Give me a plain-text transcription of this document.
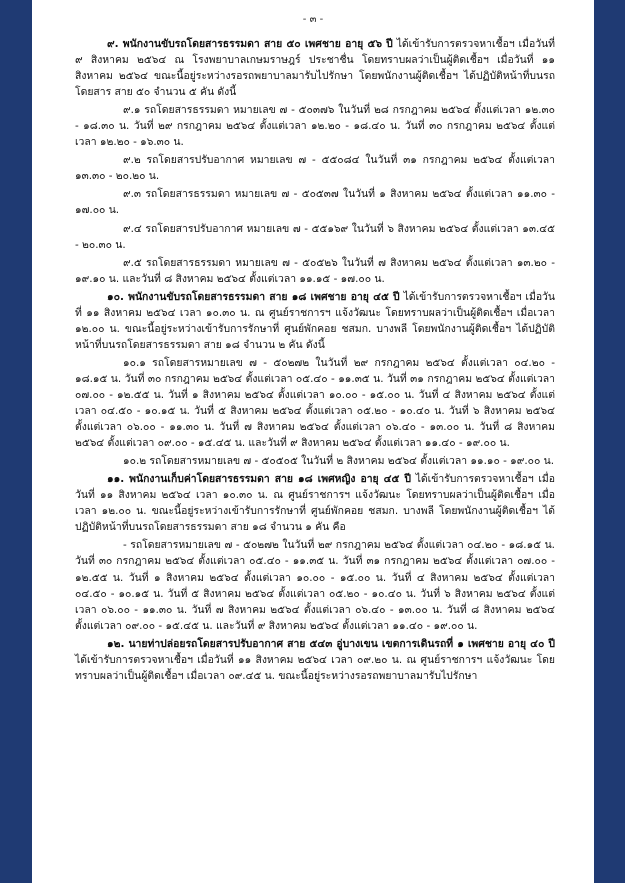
- ๓ -

๙. พนักงานขับรถโดยสารธรรมดา สาย ๕๐ เพศชาย อายุ ๕๖ ปี ได้เข้ารับการตรวจหาเชื้อฯ เมื่อวันที่ ๙ สิงหาคม ๒๕๖๔ ณ โรงพยาบาลเกษมราษฎร์ ประชาชื่น โดยทราบผลว่าเป็นผู้ติดเชื้อฯ เมื่อวันที่ ๑๑ สิงหาคม ๒๕๖๔ ขณะนี้อยู่ระหว่างรอรถพยาบาลมารับไปรักษา โดยพนักงานผู้ติดเชื้อฯ ได้ปฏิบัติหน้าที่บนรถโดยสาร สาย ๕๐ จำนวน ๕ คัน ดังนี้

๙.๑ รถโดยสารธรรมดา หมายเลข ๗ - ๕๐๓๗๖ ในวันที่ ๒๘ กรกฎาคม ๒๕๖๔ ตั้งแต่เวลา ๑๒.๓๐ - ๑๘.๓๐ น. วันที่ ๒๙ กรกฎาคม ๒๕๖๔ ตั้งแต่เวลา ๑๒.๒๐ - ๑๘.๔๐ น. วันที่ ๓๐ กรกฎาคม ๒๕๖๔ ตั้งแต่เวลา ๑๒.๒๐ - ๑๖.๓๐ น.

๙.๒ รถโดยสารปรับอากาศ หมายเลข ๗ - ๕๕๐๘๔ ในวันที่ ๓๑ กรกฎาคม ๒๕๖๔ ตั้งแต่เวลา ๑๓.๓๐ - ๒๐.๒๐ น.

๙.๓ รถโดยสารธรรมดา หมายเลข ๗ - ๕๐๕๓๗ ในวันที่ ๑ สิงหาคม ๒๕๖๔ ตั้งแต่เวลา ๑๑.๓๐ - ๑๗.๐๐ น.

๙.๔ รถโดยสารปรับอากาศ หมายเลข ๗ - ๕๕๑๖๙ ในวันที่ ๖ สิงหาคม ๒๕๖๔ ตั้งแต่เวลา ๑๓.๔๕ - ๒๐.๓๐ น.

๙.๕ รถโดยสารธรรมดา หมายเลข ๗ - ๕๐๕๒๖ ในวันที่ ๗ สิงหาคม ๒๕๖๔ ตั้งแต่เวลา ๑๓.๒๐ - ๑๙.๑๐ น. และวันที่ ๘ สิงหาคม ๒๕๖๔ ตั้งแต่เวลา ๑๑.๑๕ - ๑๗.๐๐ น.

๑๐. พนักงานขับรถโดยสารธรรมดา สาย ๑๘ เพศชาย อายุ ๔๕ ปี ได้เข้ารับการตรวจหาเชื้อฯ เมื่อวันที่ ๑๑ สิงหาคม ๒๕๖๔ เวลา ๑๐.๓๐ น. ณ ศูนย์ราชการฯ แจ้งวัฒนะ โดยทราบผลว่าเป็นผู้ติดเชื้อฯ เมื่อเวลา ๑๒.๐๐ น. ขณะนี้อยู่ระหว่างเข้ารับการรักษาที่ ศูนย์พักคอย ชสมก. บางพลี โดยพนักงานผู้ติดเชื้อฯ ได้ปฏิบัติหน้าที่บนรถโดยสารธรรมดา สาย ๑๘ จำนวน ๒ คัน ดังนี้

๑๐.๑ รถโดยสารหมายเลข ๗ - ๕๐๒๗๒ ในวันที่ ๒๙ กรกฎาคม ๒๕๖๔ ตั้งแต่เวลา ๐๔.๒๐ - ๑๘.๑๕ น. วันที่ ๓๐ กรกฎาคม ๒๕๖๔ ตั้งแต่เวลา ๐๕.๔๐ - ๑๑.๓๕ น. วันที่ ๓๑ กรกฎาคม ๒๕๖๔ ตั้งแต่เวลา ๐๗.๐๐ - ๑๒.๕๕ น. วันที่ ๑ สิงหาคม ๒๕๖๔ ตั้งแต่เวลา ๑๐.๐๐ - ๑๕.๐๐ น. วันที่ ๔ สิงหาคม ๒๕๖๔ ตั้งแต่เวลา ๐๔.๕๐ - ๑๐.๑๕ น. วันที่ ๕ สิงหาคม ๒๕๖๔ ตั้งแต่เวลา ๐๕.๒๐ - ๑๐.๔๐ น. วันที่ ๖ สิงหาคม ๒๕๖๔ ตั้งแต่เวลา ๐๖.๐๐ - ๑๑.๓๐ น. วันที่ ๗ สิงหาคม ๒๕๖๔ ตั้งแต่เวลา ๐๖.๔๐ - ๑๓.๐๐ น. วันที่ ๘ สิงหาคม ๒๕๖๔ ตั้งแต่เวลา ๐๙.๐๐ - ๑๕.๔๕ น. และวันที่ ๙ สิงหาคม ๒๕๖๔ ตั้งแต่เวลา ๑๑.๔๐ - ๑๙.๐๐ น.

๑๐.๒ รถโดยสารหมายเลข ๗ - ๕๐๕๐๕ ในวันที่ ๒ สิงหาคม ๒๕๖๔ ตั้งแต่เวลา ๑๑.๑๐ - ๑๙.๐๐ น.

๑๑. พนักงานเก็บค่าโดยสารธรรมดา สาย ๑๘ เพศหญิง อายุ ๔๕ ปี ได้เข้ารับการตรวจหาเชื้อฯ เมื่อวันที่ ๑๑ สิงหาคม ๒๕๖๔ เวลา ๑๐.๓๐ น. ณ ศูนย์ราชการฯ แจ้งวัฒนะ โดยทราบผลว่าเป็นผู้ติดเชื้อฯ เมื่อเวลา ๑๒.๐๐ น. ขณะนี้อยู่ระหว่างเข้ารับการรักษาที่ ศูนย์พักคอย ชสมก. บางพลี โดยพนักงานผู้ติดเชื้อฯ ได้ปฏิบัติหน้าที่บนรถโดยสารธรรมดา สาย ๑๘ จำนวน ๑ คัน คือ

- รถโดยสารหมายเลข ๗ - ๕๐๒๗๒ ในวันที่ ๒๙ กรกฎาคม ๒๕๖๔ ตั้งแต่เวลา ๐๔.๒๐ - ๑๘.๑๕ น. วันที่ ๓๐ กรกฎาคม ๒๕๖๔ ตั้งแต่เวลา ๐๕.๔๐ - ๑๑.๓๕ น. วันที่ ๓๑ กรกฎาคม ๒๕๖๔ ตั้งแต่เวลา ๐๗.๐๐ - ๑๒.๕๕ น. วันที่ ๑ สิงหาคม ๒๕๖๔ ตั้งแต่เวลา ๑๐.๐๐ - ๑๕.๐๐ น. วันที่ ๔ สิงหาคม ๒๕๖๔ ตั้งแต่เวลา ๐๔.๕๐ - ๑๐.๑๕ น. วันที่ ๕ สิงหาคม ๒๕๖๔ ตั้งแต่เวลา ๐๕.๒๐ - ๑๐.๔๐ น. วันที่ ๖ สิงหาคม ๒๕๖๔ ตั้งแต่เวลา ๐๖.๐๐ - ๑๑.๓๐ น. วันที่ ๗ สิงหาคม ๒๕๖๔ ตั้งแต่เวลา ๐๖.๔๐ - ๑๓.๐๐ น. วันที่ ๘ สิงหาคม ๒๕๖๔ ตั้งแต่เวลา ๐๙.๐๐ - ๑๕.๔๕ น. และวันที่ ๙ สิงหาคม ๒๕๖๔ ตั้งแต่เวลา ๑๑.๔๐ - ๑๙.๐๐ น.

๑๒. นายท่าปล่อยรถโดยสารปรับอากาศ สาย ๕๔๓ อู่บางเขน เขตการเดินรถที่ ๑ เพศชาย อายุ ๔๐ ปี ได้เข้ารับการตรวจหาเชื้อฯ เมื่อวันที่ ๑๑ สิงหาคม ๒๕๖๔ เวลา ๐๙.๒๐ น. ณ ศูนย์ราชการฯ แจ้งวัฒนะ โดยทราบผลว่าเป็นผู้ติดเชื้อฯ เมื่อเวลา ๐๙.๔๕ น. ขณะนี้อยู่ระหว่างรอรถพยาบาลมารับไปรักษา
